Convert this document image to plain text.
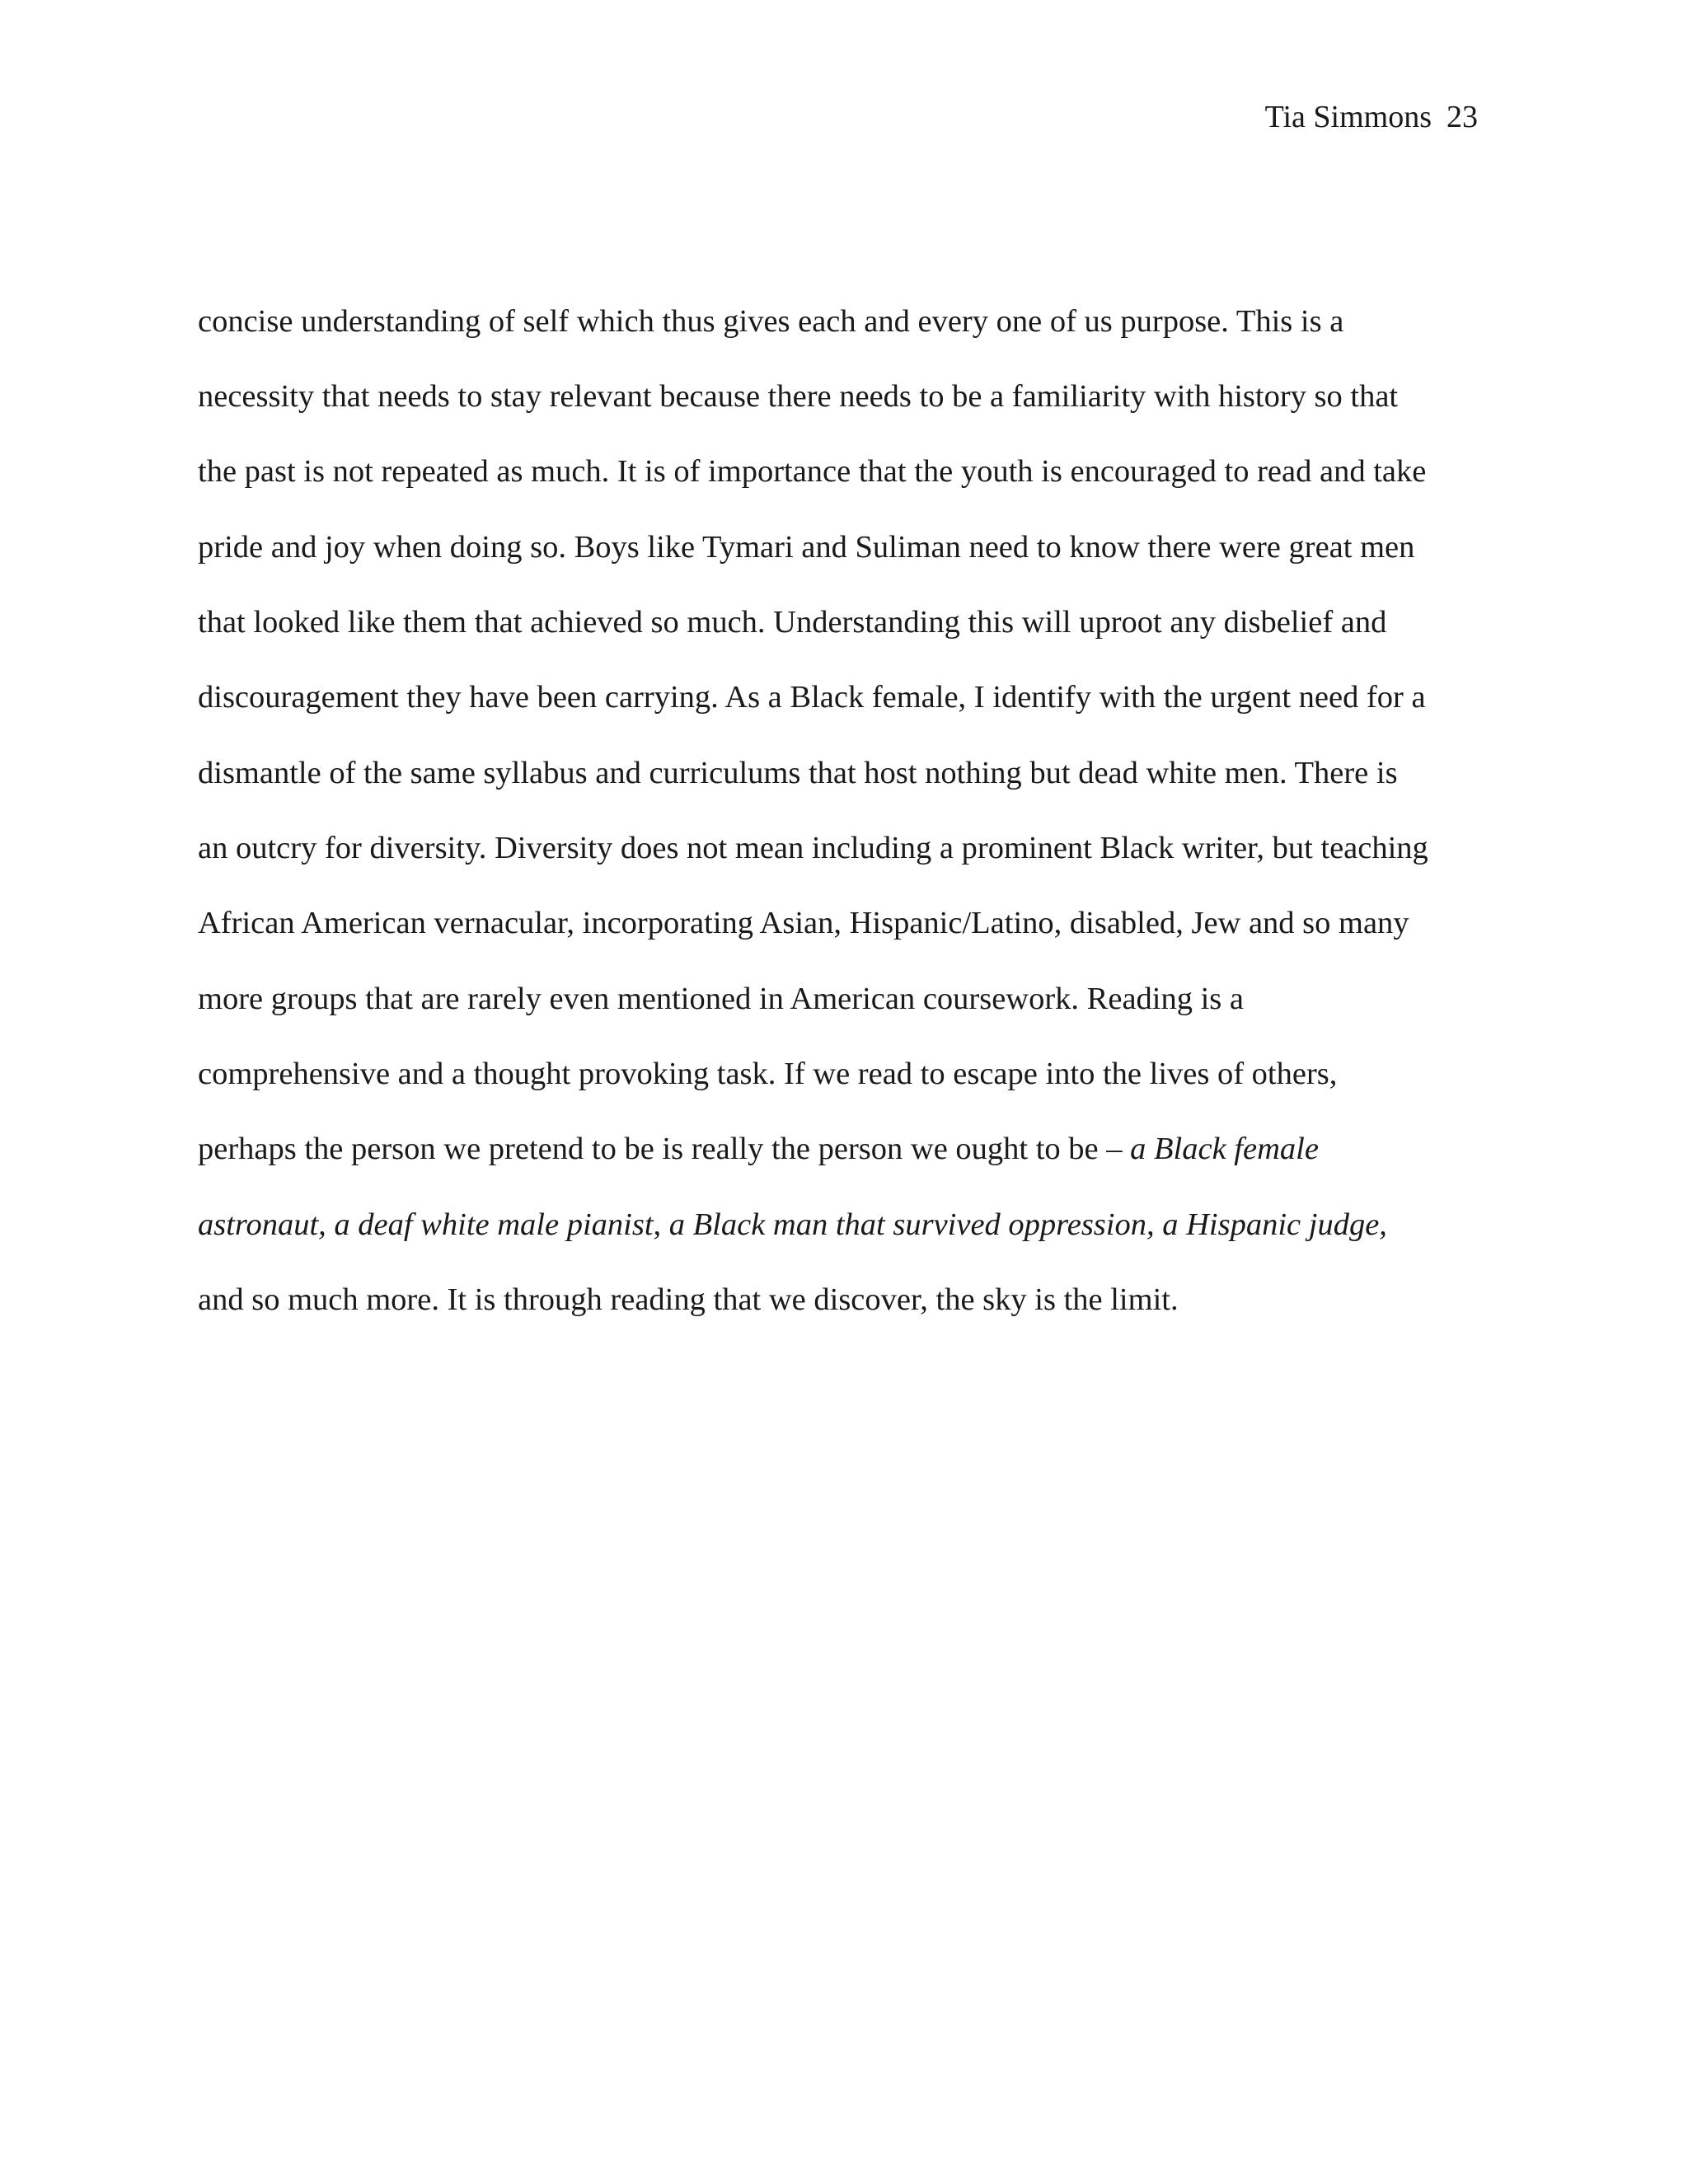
Tia Simmons 23
concise understanding of self which thus gives each and every one of us purpose. This is a
necessity that needs to stay relevant because there needs to be a familiarity with history so that
the past is not repeated as much. It is of importance that the youth is encouraged to read and take
pride and joy when doing so. Boys like Tymari and Suliman need to know there were great men
that looked like them that achieved so much. Understanding this will uproot any disbelief and
discouragement they have been carrying. As a Black female, I identify with the urgent need for a
dismantle of the same syllabus and curriculums that host nothing but dead white men. There is
an outcry for diversity. Diversity does not mean including a prominent Black writer, but teaching
African American vernacular, incorporating Asian, Hispanic/Latino, disabled, Jew and so many
more groups that are rarely even mentioned in American coursework. Reading is a
comprehensive and a thought provoking task. If we read to escape into the lives of others,
perhaps the person we pretend to be is really the person we ought to be – a Black female
astronaut, a deaf white male pianist, a Black man that survived oppression, a Hispanic judge,
and so much more. It is through reading that we discover, the sky is the limit.
